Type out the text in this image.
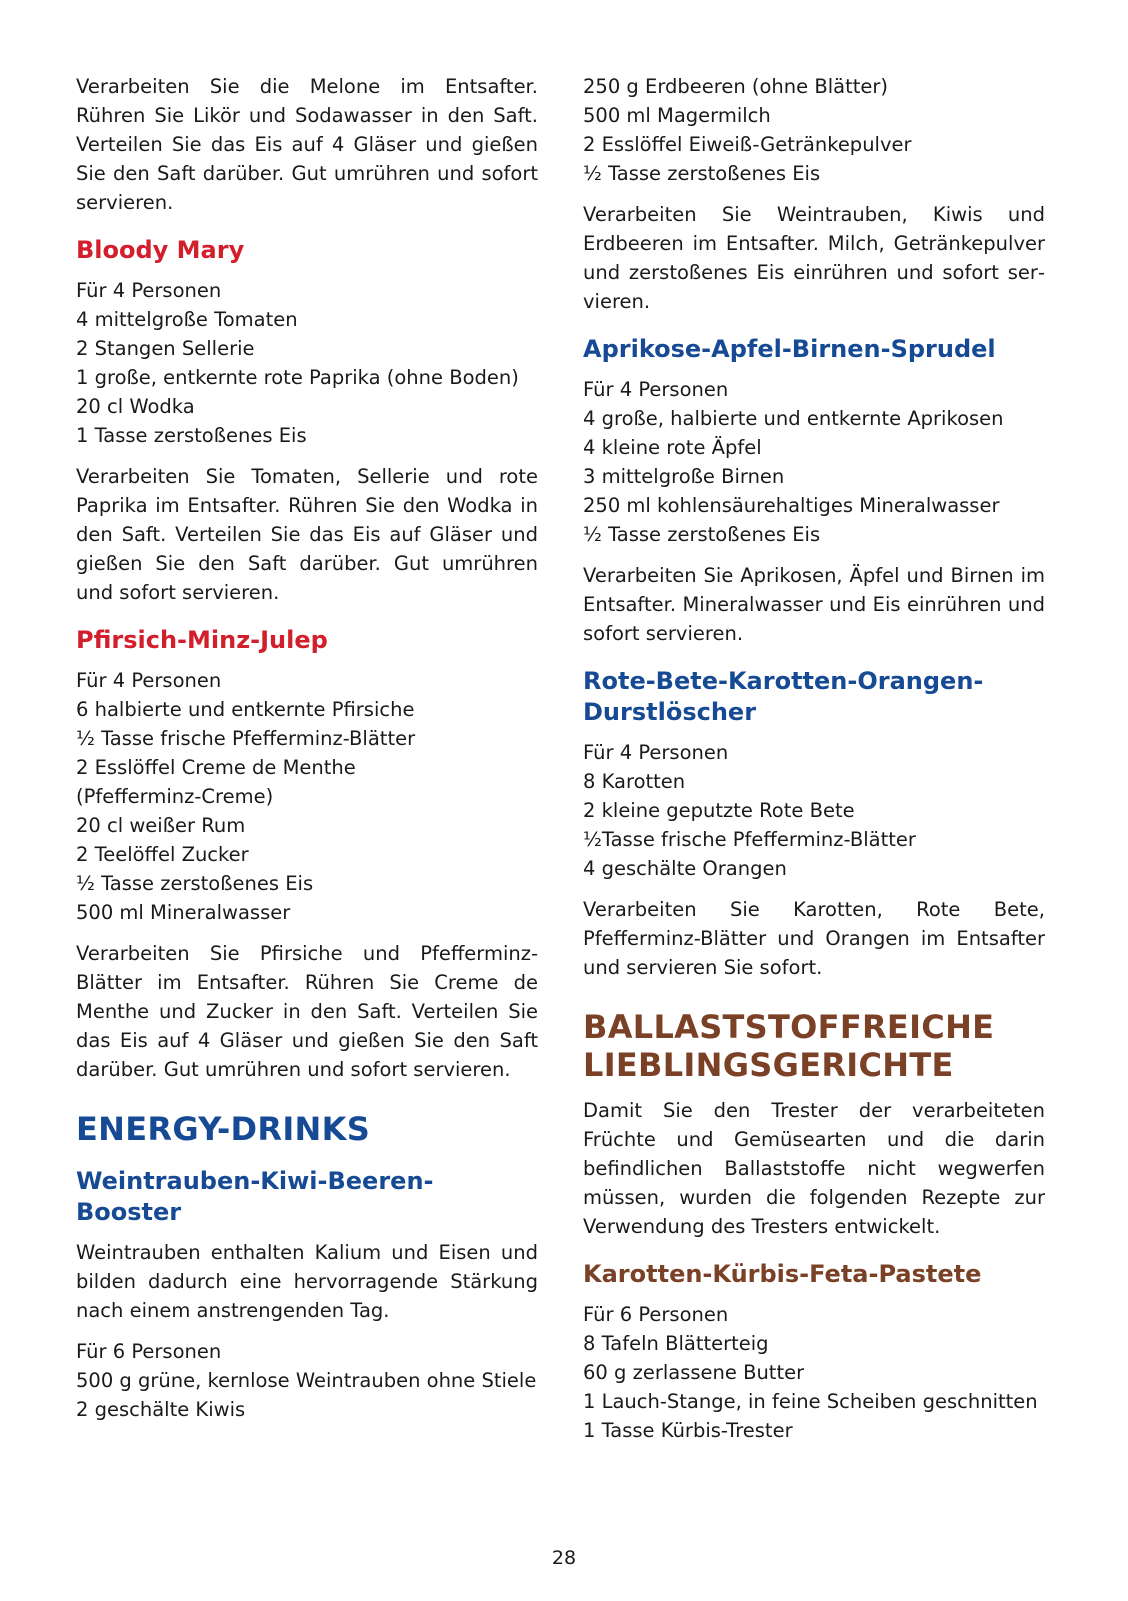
Verarbeiten Sie die Melone im Entsafter. Rühren Sie Likör und Sodawasser in den Saft. Verteilen Sie das Eis auf 4 Gläser und gießen Sie den Saft darüber. Gut umrühren und sofort servieren.

Bloody Mary
Für 4 Personen
4 mittelgroße Tomaten
2 Stangen Sellerie
1 große, entkernte rote Paprika (ohne Boden)
20 cl Wodka
1 Tasse zerstoßenes Eis

Verarbeiten Sie Tomaten, Sellerie und rote Paprika im Entsafter. Rühren Sie den Wodka in den Saft. Verteilen Sie das Eis auf Gläser und gießen Sie den Saft darüber. Gut umrühren und sofort servieren.

Pfirsich-Minz-Julep
Für 4 Personen
6 halbierte und entkernte Pfirsiche
½ Tasse frische Pfefferminz-Blätter
2 Esslöffel Creme de Menthe
(Pfefferminz-Creme)
20 cl weißer Rum
2 Teelöffel Zucker
½ Tasse zerstoßenes Eis
500 ml Mineralwasser

Verarbeiten Sie Pfirsiche und Pfefferminz-Blätter im Entsafter. Rühren Sie Creme de Menthe und Zucker in den Saft. Verteilen Sie das Eis auf 4 Gläser und gießen Sie den Saft darüber. Gut umrühren und sofort servieren.

ENERGY-DRINKS
Weintrauben-Kiwi-Beeren-
Booster

Weintrauben enthalten Kalium und Eisen und bilden dadurch eine hervorragende Stärkung nach einem anstrengenden Tag.

Für 6 Personen
500 g grüne, kernlose Weintrauben ohne Stiele
2 geschälte Kiwis
250 g Erdbeeren (ohne Blätter)
500 ml Magermilch
2 Esslöffel Eiweiß-Getränkepulver
½ Tasse zerstoßenes Eis

Verarbeiten Sie Weintrauben, Kiwis und Erdbeeren im Entsafter. Milch, Getränkepulver und zerstoßenes Eis einrühren und sofort servieren.

Aprikose-Apfel-Birnen-Sprudel
Für 4 Personen
4 große, halbierte und entkernte Aprikosen
4 kleine rote Äpfel
3 mittelgroße Birnen
250 ml kohlensäurehaltiges Mineralwasser
½ Tasse zerstoßenes Eis

Verarbeiten Sie Aprikosen, Äpfel und Birnen im Entsafter. Mineralwasser und Eis einrühren und sofort servieren.

Rote-Bete-Karotten-Orangen-
Durstlöscher
Für 4 Personen
8 Karotten
2 kleine geputzte Rote Bete
½Tasse frische Pfefferminz-Blätter
4 geschälte Orangen

Verarbeiten Sie Karotten, Rote Bete, Pfefferminz-Blätter und Orangen im Entsafter und servieren Sie sofort.

BALLASTSTOFFREICHE
LIEBLINGSGERICHTE

Damit Sie den Trester der verarbeiteten Früchte und Gemüsearten und die darin befindlichen Ballaststoffe nicht wegwerfen müssen, wurden die folgenden Rezepte zur Verwendung des Tresters entwickelt.

Karotten-Kürbis-Feta-Pastete
Für 6 Personen
8 Tafeln Blätterteig
60 g zerlassene Butter
1 Lauch-Stange, in feine Scheiben geschnitten
1 Tasse Kürbis-Trester
28
